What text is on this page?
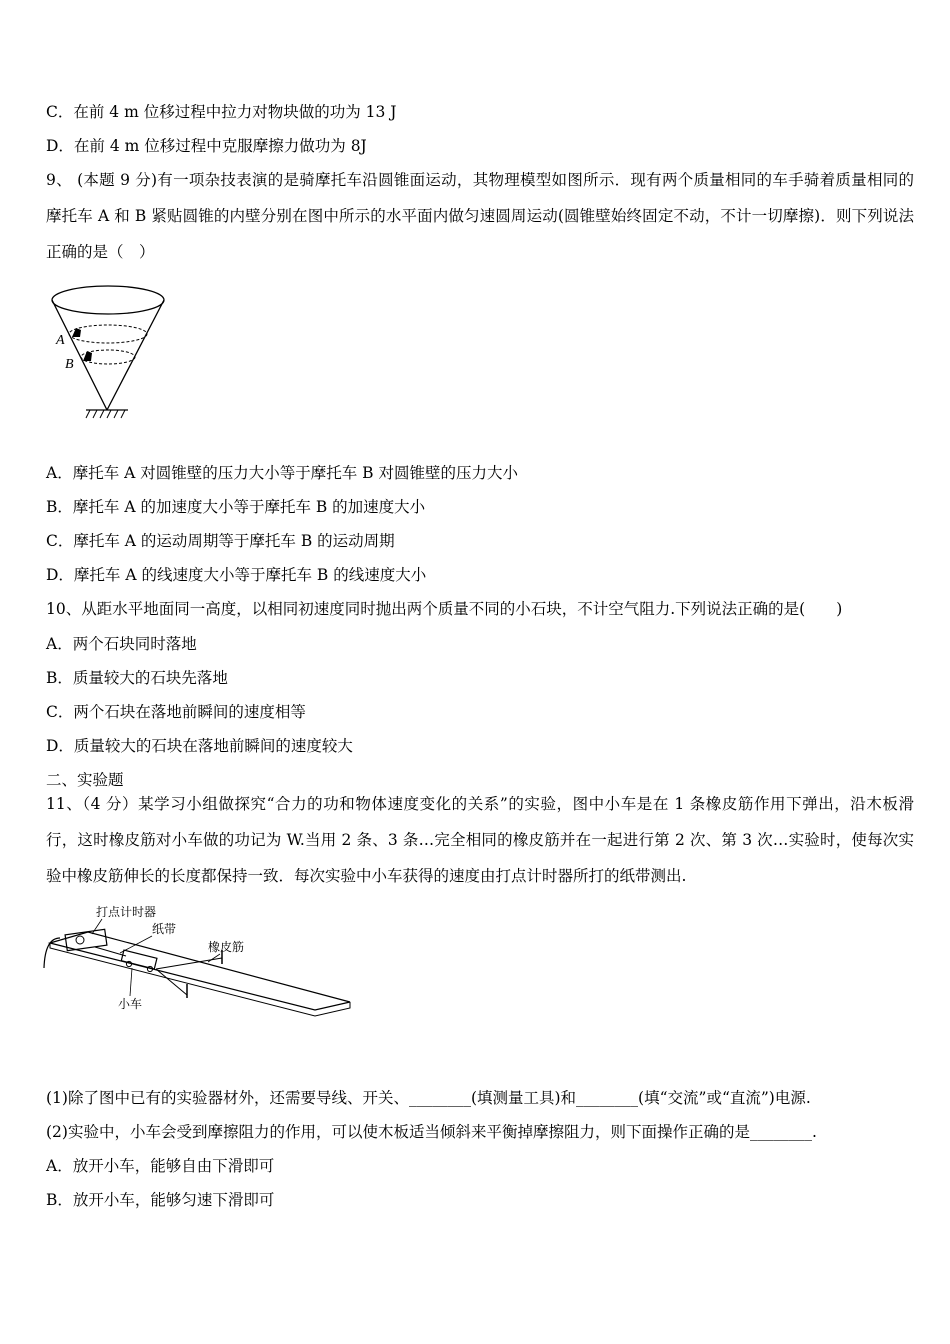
C．在前 4 m 位移过程中拉力对物块做的功为 13 J
D．在前 4 m 位移过程中克服摩擦力做功为 8J
9、 (本题 9 分)有一项杂技表演的是骑摩托车沿圆锥面运动，其物理模型如图所示．现有两个质量相同的车手骑着质量相同的摩托车 A 和 B 紧贴圆锥的内壁分别在图中所示的水平面内做匀速圆周运动(圆锥壁始终固定不动，不计一切摩擦)．则下列说法正确的是（　）
A
B
A．摩托车 A 对圆锥壁的压力大小等于摩托车 B 对圆锥壁的压力大小
B．摩托车 A 的加速度大小等于摩托车 B 的加速度大小
C．摩托车 A 的运动周期等于摩托车 B 的运动周期
D．摩托车 A 的线速度大小等于摩托车 B 的线速度大小
10、从距水平地面同一高度，以相同初速度同时抛出两个质量不同的小石块，不计空气阻力.下列说法正确的是(　　)
A．两个石块同时落地
B．质量较大的石块先落地
C．两个石块在落地前瞬间的速度相等
D．质量较大的石块在落地前瞬间的速度较大
二、实验题
11、（4 分）某学习小组做探究“合力的功和物体速度变化的关系”的实验，图中小车是在 1 条橡皮筋作用下弹出，沿木板滑行，这时橡皮筋对小车做的功记为 W.当用 2 条、3 条…完全相同的橡皮筋并在一起进行第 2 次、第 3 次…实验时，使每次实验中橡皮筋伸长的长度都保持一致．每次实验中小车获得的速度由打点计时器所打的纸带测出.
打点计时器
纸带
橡皮筋
小车
(1)除了图中已有的实验器材外，还需要导线、开关、________(填测量工具)和________(填“交流”或“直流”)电源.
(2)实验中，小车会受到摩擦阻力的作用，可以使木板适当倾斜来平衡掉摩擦阻力，则下面操作正确的是________.
A．放开小车，能够自由下滑即可
B．放开小车，能够匀速下滑即可
